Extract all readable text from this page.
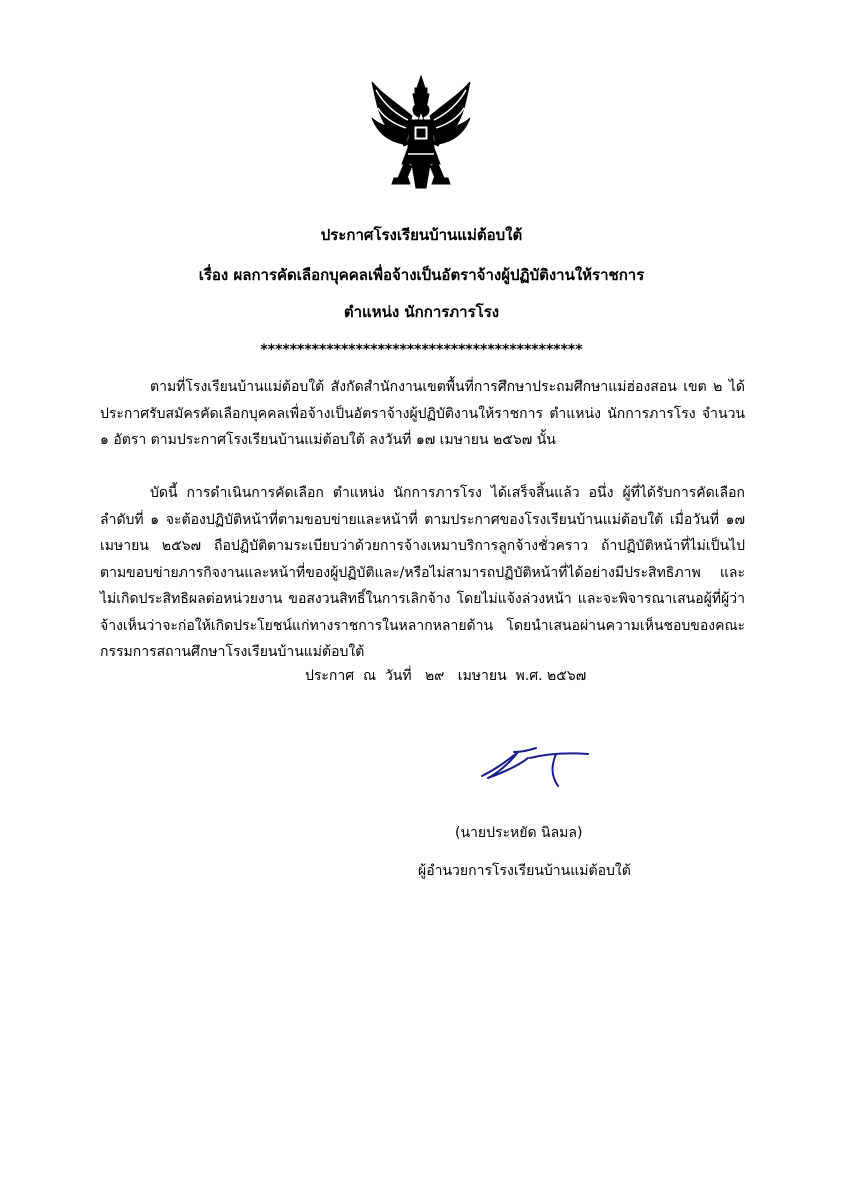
ประกาศโรงเรียนบ้านแม่ต้อบใต้
เรื่อง ผลการคัดเลือกบุคคลเพื่อจ้างเป็นอัตราจ้างผู้ปฏิบัติงานให้ราชการ
ตำแหน่ง นักการภารโรง
********************************************
ตามที่โรงเรียนบ้านแม่ต้อบใต้ สังกัดสำนักงานเขตพื้นที่การศึกษาประถมศึกษาแม่ฮ่องสอน เขต ๒ ได้ประกาศรับสมัครคัดเลือกบุคคลเพื่อจ้างเป็นอัตราจ้างผู้ปฏิบัติงานให้ราชการ ตำแหน่ง นักการภารโรง จำนวน ๑ อัตรา ตามประกาศโรงเรียนบ้านแม่ต้อบใต้ ลงวันที่ ๑๗ เมษายน ๒๕๖๗ นั้น
บัดนี้ การดำเนินการคัดเลือก ตำแหน่ง นักการภารโรง ได้เสร็จสิ้นแล้ว อนึ่ง ผู้ที่ได้รับการคัดเลือก ลำดับที่ ๑ จะต้องปฏิบัติหน้าที่ตามขอบข่ายและหน้าที่ ตามประกาศของโรงเรียนบ้านแม่ต้อบใต้ เมื่อวันที่ ๑๗ เมษายน ๒๕๖๗ ถือปฏิบัติตามระเบียบว่าด้วยการจ้างเหมาบริการลูกจ้างชั่วคราว ถ้าปฏิบัติหน้าที่ไม่เป็นไปตามขอบข่ายภารกิจงานและหน้าที่ของผู้ปฏิบัติและ/หรือไม่สามารถปฏิบัติหน้าที่ได้อย่างมีประสิทธิภาพ และไม่เกิดประสิทธิผลต่อหน่วยงาน ขอสงวนสิทธิ์ในการเลิกจ้าง โดยไม่แจ้งล่วงหน้า และจะพิจารณาเสนอผู้ที่ผู้ว่าจ้างเห็นว่าจะก่อให้เกิดประโยชน์แก่ทางราชการในหลากหลายด้าน โดยนำเสนอผ่านความเห็นชอบของคณะกรรมการสถานศึกษาโรงเรียนบ้านแม่ต้อบใต้
ประกาศ  ณ  วันที่   ๒๙   เมษายน  พ.ศ. ๒๕๖๗
(นายประหยัด นิลมล)
ผู้อำนวยการโรงเรียนบ้านแม่ต้อบใต้
